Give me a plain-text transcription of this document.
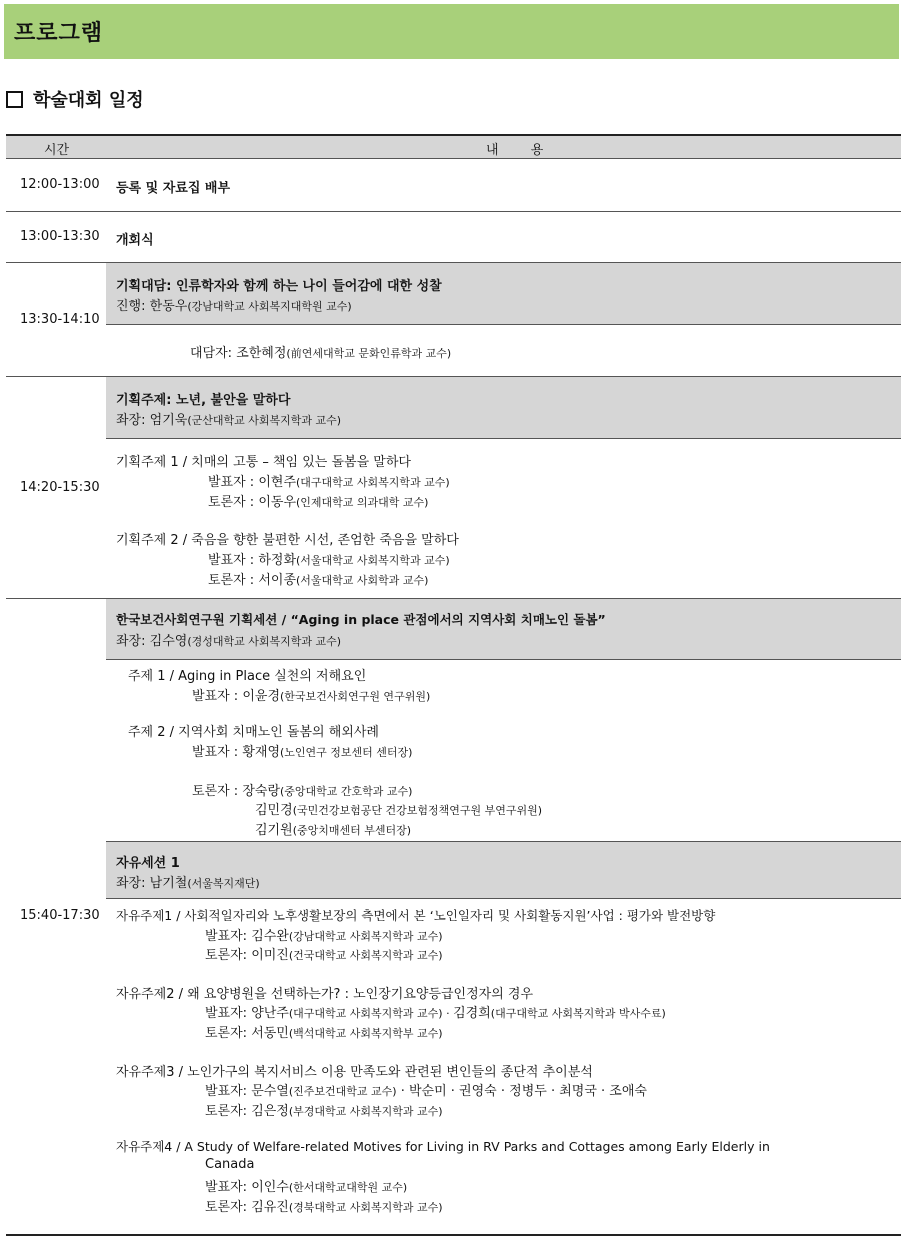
프로그램
학술대회 일정
시간	내 용
12:00-13:00 등록 및 자료집 배부
13:00-13:30 개회식
13:30-14:10
기획대담: 인류학자와 함께 하는 나이 들어감에 대한 성찰
진행: 한동우(강남대학교 사회복지대학원 교수)
대담자: 조한혜정(前연세대학교 문화인류학과 교수)
14:20-15:30
기획주제: 노년, 불안을 말하다
좌장: 엄기욱(군산대학교 사회복지학과 교수)
기획주제 1 / 치매의 고통 – 책임 있는 돌봄을 말하다
발표자 : 이현주(대구대학교 사회복지학과 교수)
토론자 : 이동우(인제대학교 의과대학 교수)
기획주제 2 / 죽음을 향한 불편한 시선, 존엄한 죽음을 말하다
발표자 : 하정화(서울대학교 사회복지학과 교수)
토론자 : 서이종(서울대학교 사회학과 교수)
15:40-17:30
한국보건사회연구원 기획세션 / “Aging in place 관점에서의 지역사회 치매노인 돌봄”
좌장: 김수영(경성대학교 사회복지학과 교수)
주제 1 / Aging in Place 실천의 저해요인
발표자 : 이윤경(한국보건사회연구원 연구위원)
주제 2 / 지역사회 치매노인 돌봄의 해외사례
발표자 : 황재영(노인연구 정보센터 센터장)
토론자 : 장숙랑(중앙대학교 간호학과 교수)
김민경(국민건강보험공단 건강보험정책연구원 부연구위원)
김기원(중앙치매센터 부센터장)
자유세션 1
좌장: 남기철(서울복지재단)
자유주제1 / 사회적일자리와 노후생활보장의 측면에서 본 ‘노인일자리 및 사회활동지원’사업 : 평가와 발전방향
발표자: 김수완(강남대학교 사회복지학과 교수)
토론자: 이미진(건국대학교 사회복지학과 교수)
자유주제2 / 왜 요양병원을 선택하는가? : 노인장기요양등급인정자의 경우
발표자: 양난주(대구대학교 사회복지학과 교수) · 김경희(대구대학교 사회복지학과 박사수료)
토론자: 서동민(백석대학교 사회복지학부 교수)
자유주제3 / 노인가구의 복지서비스 이용 만족도와 관련된 변인들의 종단적 추이분석
발표자: 문수열(진주보건대학교 교수) · 박순미 · 권영숙 · 정병두 · 최명국 · 조애숙
토론자: 김은정(부경대학교 사회복지학과 교수)
자유주제4 / A Study of Welfare-related Motives for Living in RV Parks and Cottages among Early Elderly in
Canada
발표자: 이인수(한서대학교대학원 교수)
토론자: 김유진(경북대학교 사회복지학과 교수)
